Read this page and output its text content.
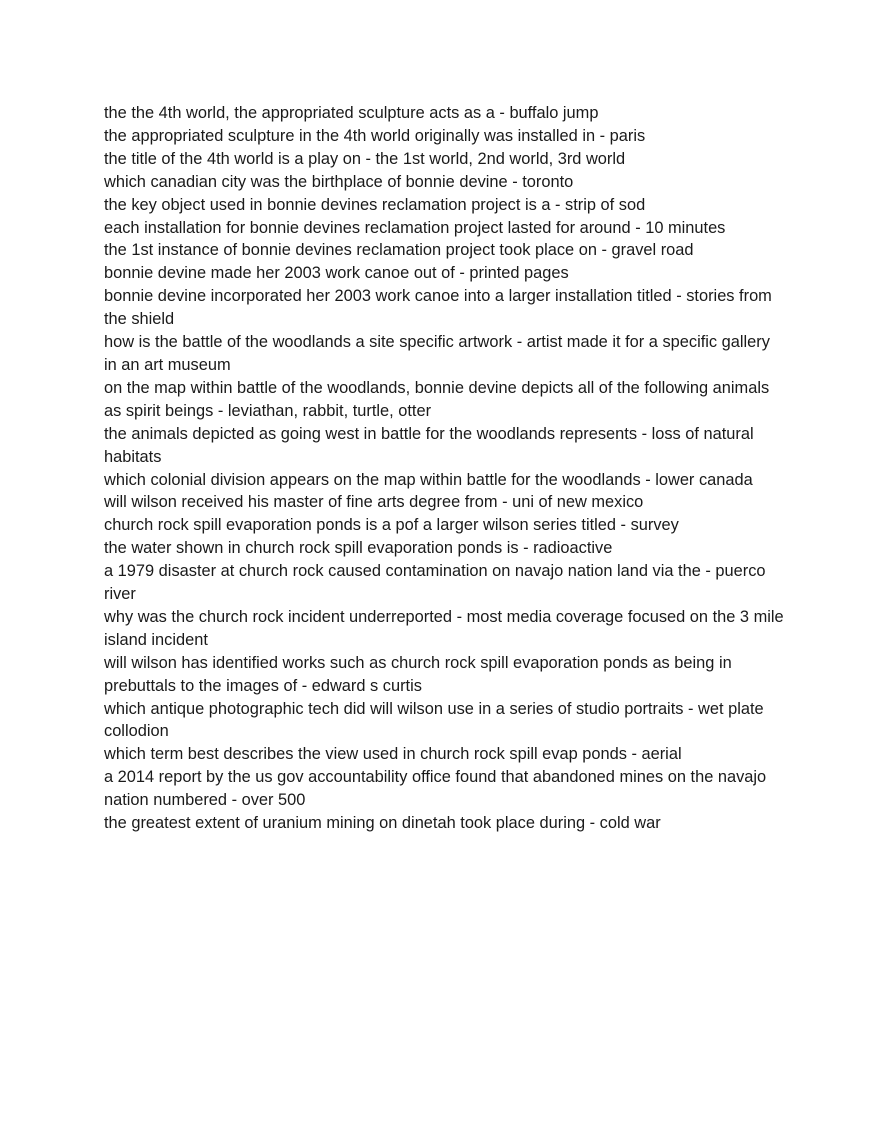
the the 4th world, the appropriated sculpture acts as a - buffalo jump
the appropriated sculpture in the 4th world originally was installed in - paris
the title of the 4th world is a play on - the 1st world, 2nd world, 3rd world
which canadian city was the birthplace of bonnie devine - toronto
the key object used in bonnie devines reclamation project is a - strip of sod
each installation for bonnie devines reclamation project lasted for around - 10 minutes
the 1st instance of bonnie devines reclamation project took place on - gravel road
bonnie devine made her 2003 work canoe out of - printed pages
bonnie devine incorporated her 2003 work canoe into a larger installation titled - stories from the shield
how is the battle of the woodlands a site specific artwork - artist made it for a specific gallery in an art museum
on the map within battle of the woodlands, bonnie devine depicts all of the following animals as spirit beings - leviathan, rabbit, turtle, otter
the animals depicted as going west in battle for the woodlands represents - loss of natural habitats
which colonial division appears on the map within battle for the woodlands - lower canada
will wilson received his master of fine arts degree from - uni of new mexico
church rock spill evaporation ponds is a pof a larger wilson series titled - survey
the water shown in church rock spill evaporation ponds is - radioactive
a 1979 disaster at church rock caused contamination on navajo nation land via the - puerco river
why was the church rock incident underreported - most media coverage focused on the 3 mile island incident
will wilson has identified works such as church rock spill evaporation ponds as being in prebuttals to the images of - edward s curtis
which antique photographic tech did will wilson use in a series of studio portraits - wet plate collodion
which term best describes the view used in church rock spill evap ponds - aerial
a 2014 report by the us gov accountability office found that abandoned mines on the navajo nation numbered - over 500
the greatest extent of uranium mining on dinetah took place during - cold war
